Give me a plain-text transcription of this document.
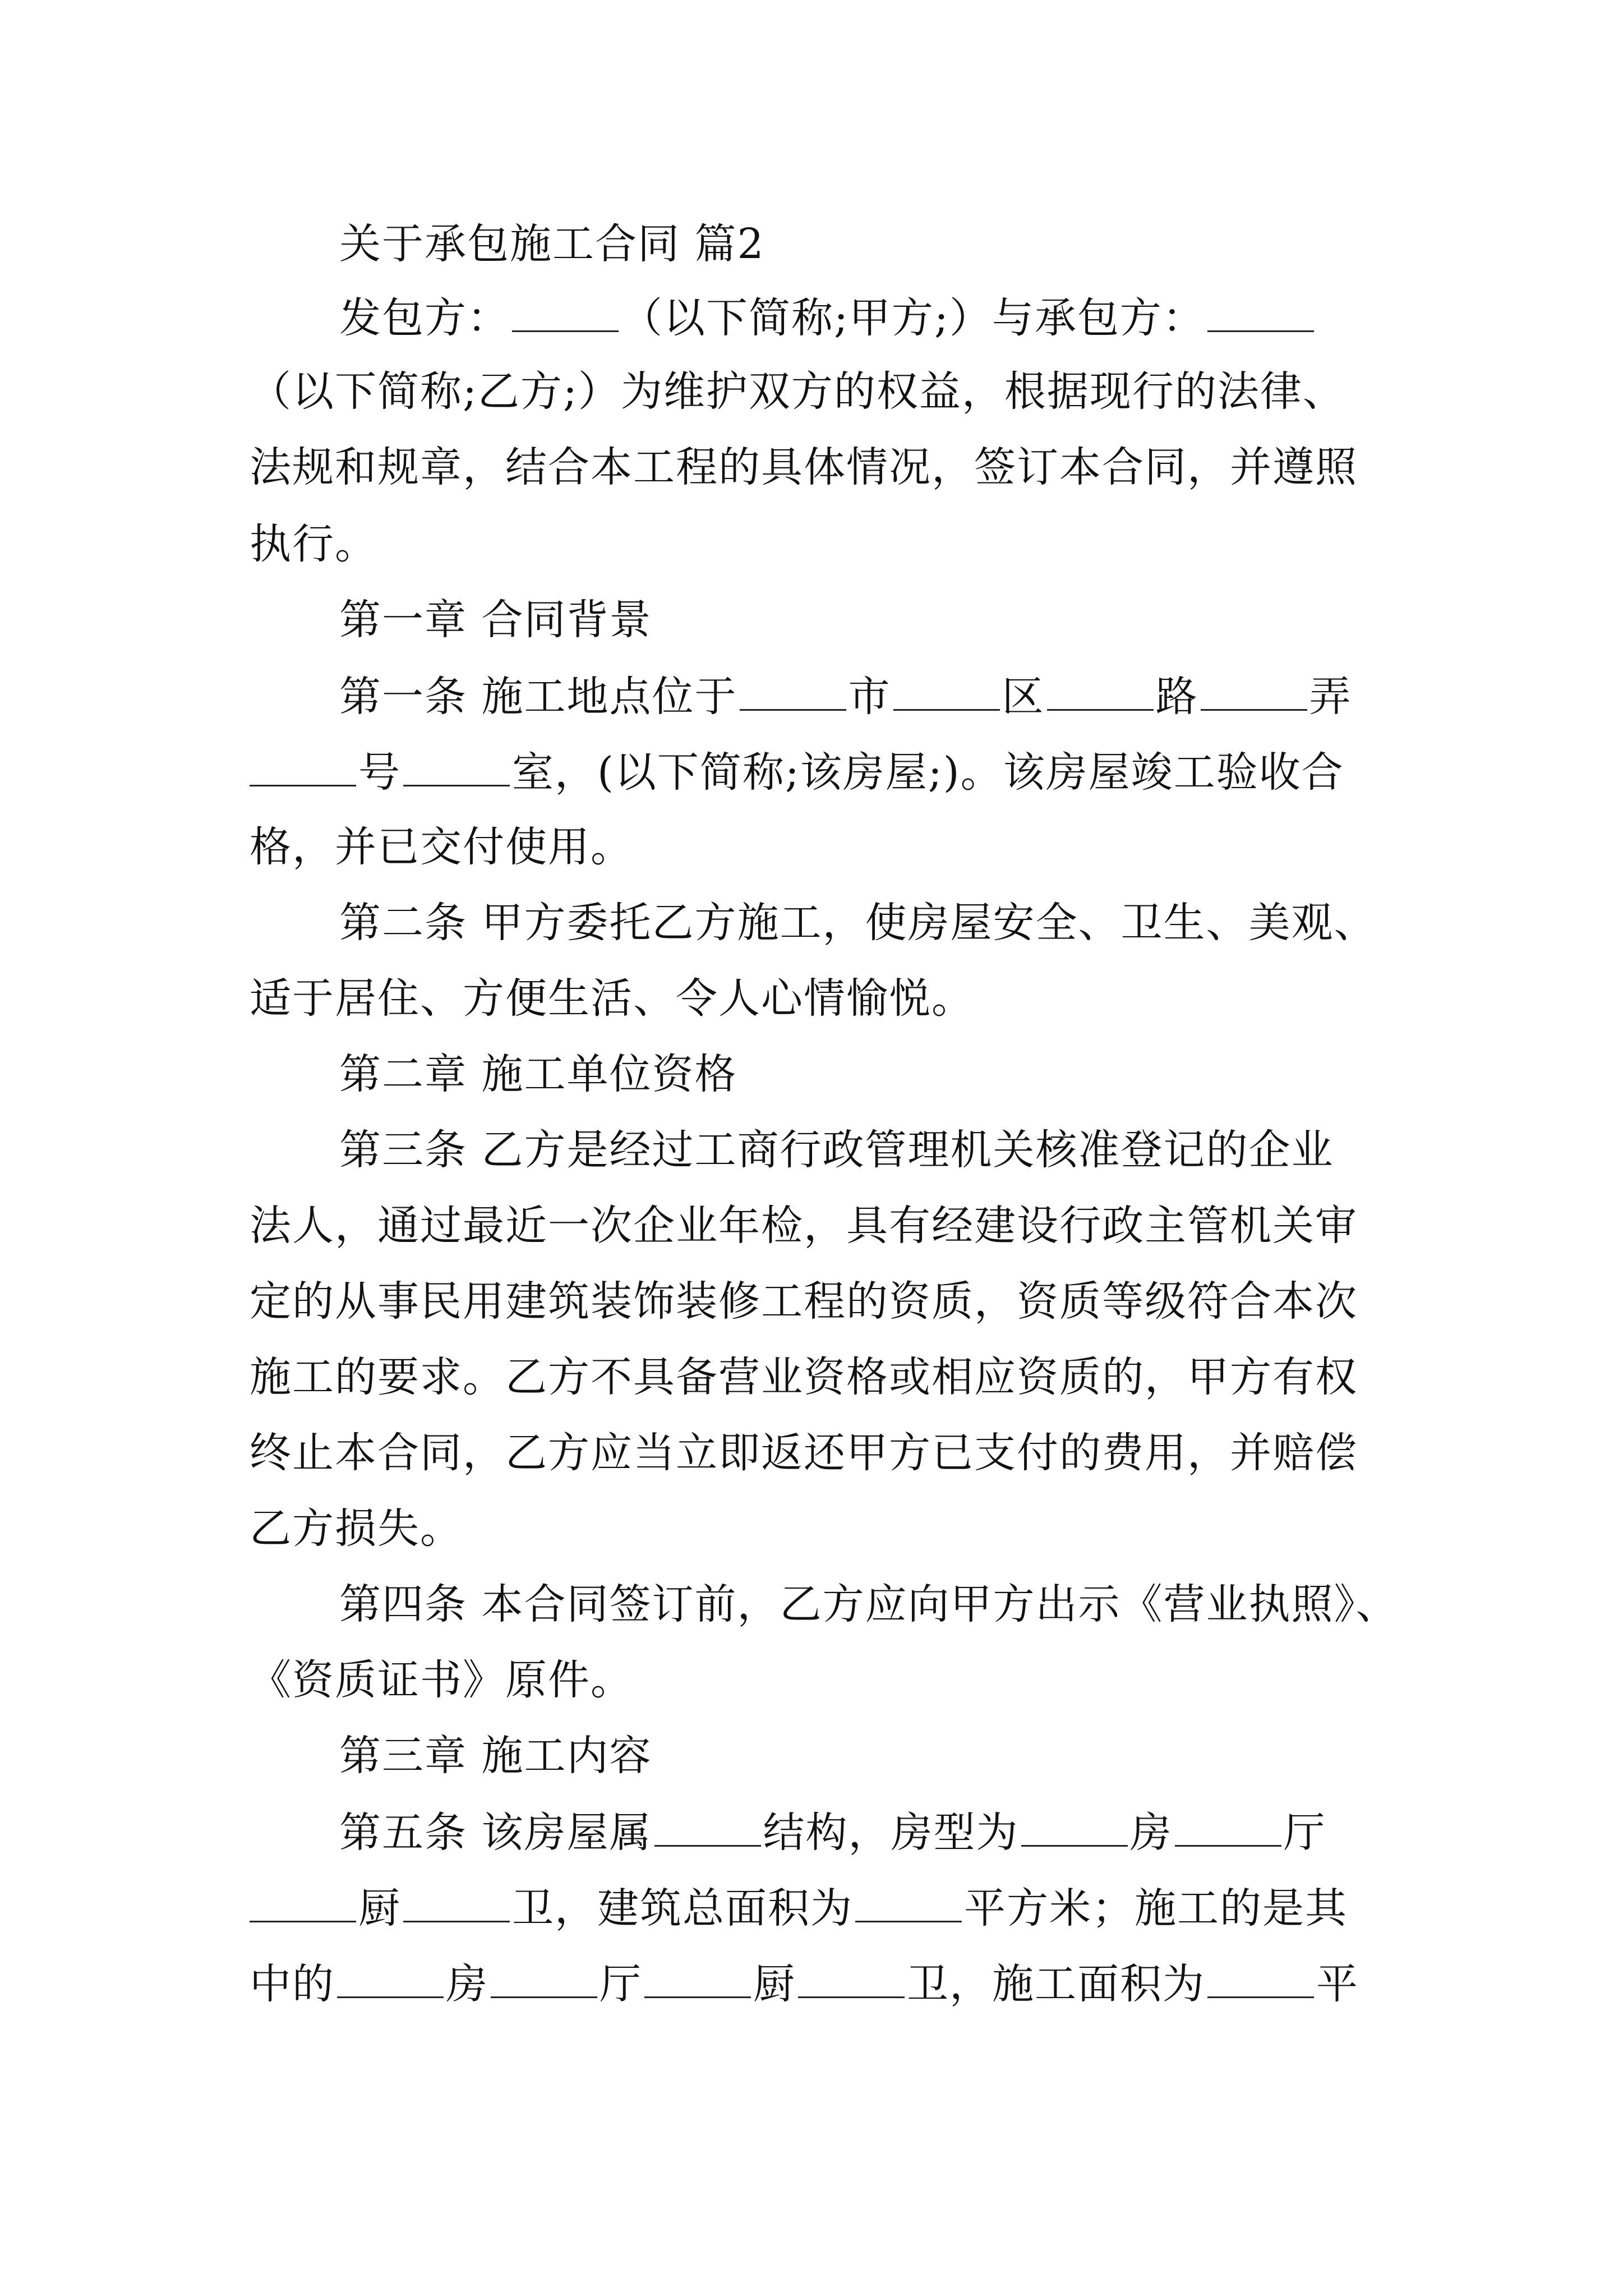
关于承包施工合同 篇2
发包方：	（以下简称;甲方;）与承包方：
（以下简称;乙方;）为维护双方的权益，根据现行的法律、
法规和规章，结合本工程的具体情况，签订本合同，并遵照
执行。
第一章 合同背景
第一条 施工地点位于	市	区	路	弄
号	室，(以下简称;该房屋;)。该房屋竣工验收合
格，并已交付使用。
第二条 甲方委托乙方施工，使房屋安全、卫生、美观、
适于居住、方便生活、令人心情愉悦。
第二章 施工单位资格
第三条 乙方是经过工商行政管理机关核准登记的企业
法人，通过最近一次企业年检，具有经建设行政主管机关审
定的从事民用建筑装饰装修工程的资质，资质等级符合本次
施工的要求。乙方不具备营业资格或相应资质的，甲方有权
终止本合同，乙方应当立即返还甲方已支付的费用，并赔偿
乙方损失。
第四条 本合同签订前，乙方应向甲方出示《营业执照》、
《资质证书》原件。
第三章 施工内容
第五条 该房屋属	结构，房型为	房	厅
厨	卫，建筑总面积为	平方米；施工的是其
中的	房	厅	厨	卫，施工面积为	平
